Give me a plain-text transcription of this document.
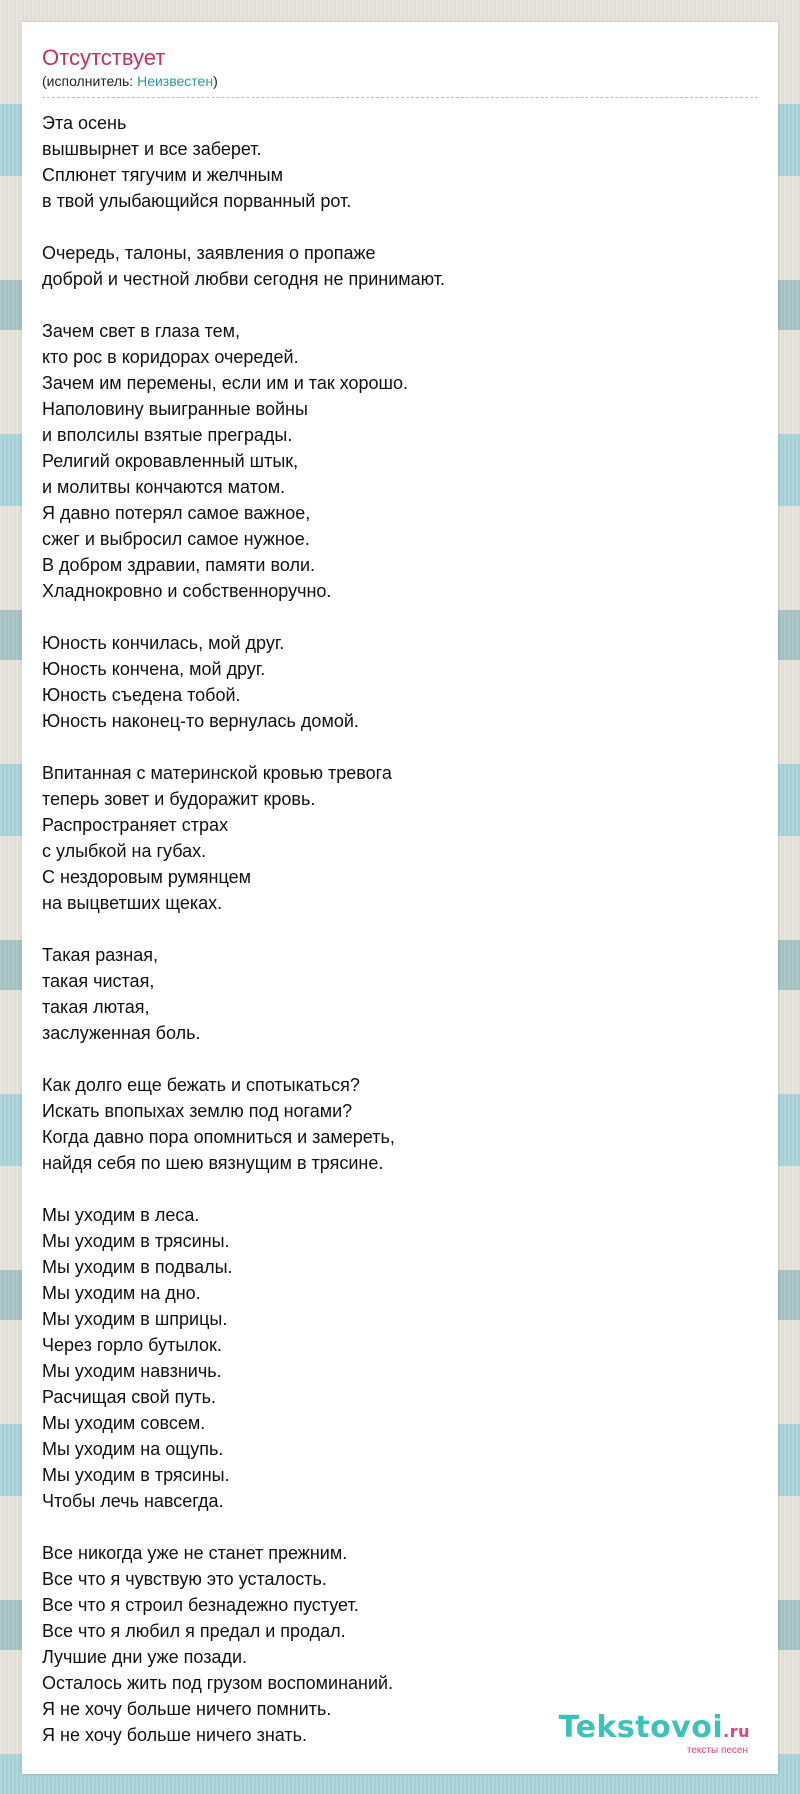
Отсутствует
(исполнитель: Неизвестен)
Эта осень
вышвырнет и все заберет.
Сплюнет тягучим и желчным
в твой улыбающийся порванный рот.
Очередь, талоны, заявления о пропаже
доброй и честной любви сегодня не принимают.
Зачем свет в глаза тем,
кто рос в коридорах очередей.
Зачем им перемены, если им и так хорошо.
Наполовину выигранные войны
и вполсилы взятые преграды.
Религий окровавленный штык,
и молитвы кончаются матом.
Я давно потерял самое важное,
сжег и выбросил самое нужное.
В добром здравии, памяти воли.
Хладнокровно и собственноручно.
Юность кончилась, мой друг.
Юность кончена, мой друг.
Юность съедена тобой.
Юность наконец-то вернулась домой.
Впитанная с материнской кровью тревога
теперь зовет и будоражит кровь.
Распространяет страх
с улыбкой на губах.
С нездоровым румянцем
на выцветших щеках.
Такая разная,
такая чистая,
такая лютая,
заслуженная боль.
Как долго еще бежать и спотыкаться?
Искать впопыхах землю под ногами?
Когда давно пора опомниться и замереть,
найдя себя по шею вязнущим в трясине.
Мы уходим в леса.
Мы уходим в трясины.
Мы уходим в подвалы.
Мы уходим на дно.
Мы уходим в шприцы.
Через горло бутылок.
Мы уходим навзничь.
Расчищая свой путь.
Мы уходим совсем.
Мы уходим на ощупь.
Мы уходим в трясины.
Чтобы лечь навсегда.
Все никогда уже не станет прежним.
Все что я чувствую это усталость.
Все что я строил безнадежно пустует.
Все что я любил я предал и продал.
Лучшие дни уже позади.
Осталось жить под грузом воспоминаний.
Я не хочу больше ничего помнить.
Я не хочу больше ничего знать.	Tekstovoi.ru
тексты песен
